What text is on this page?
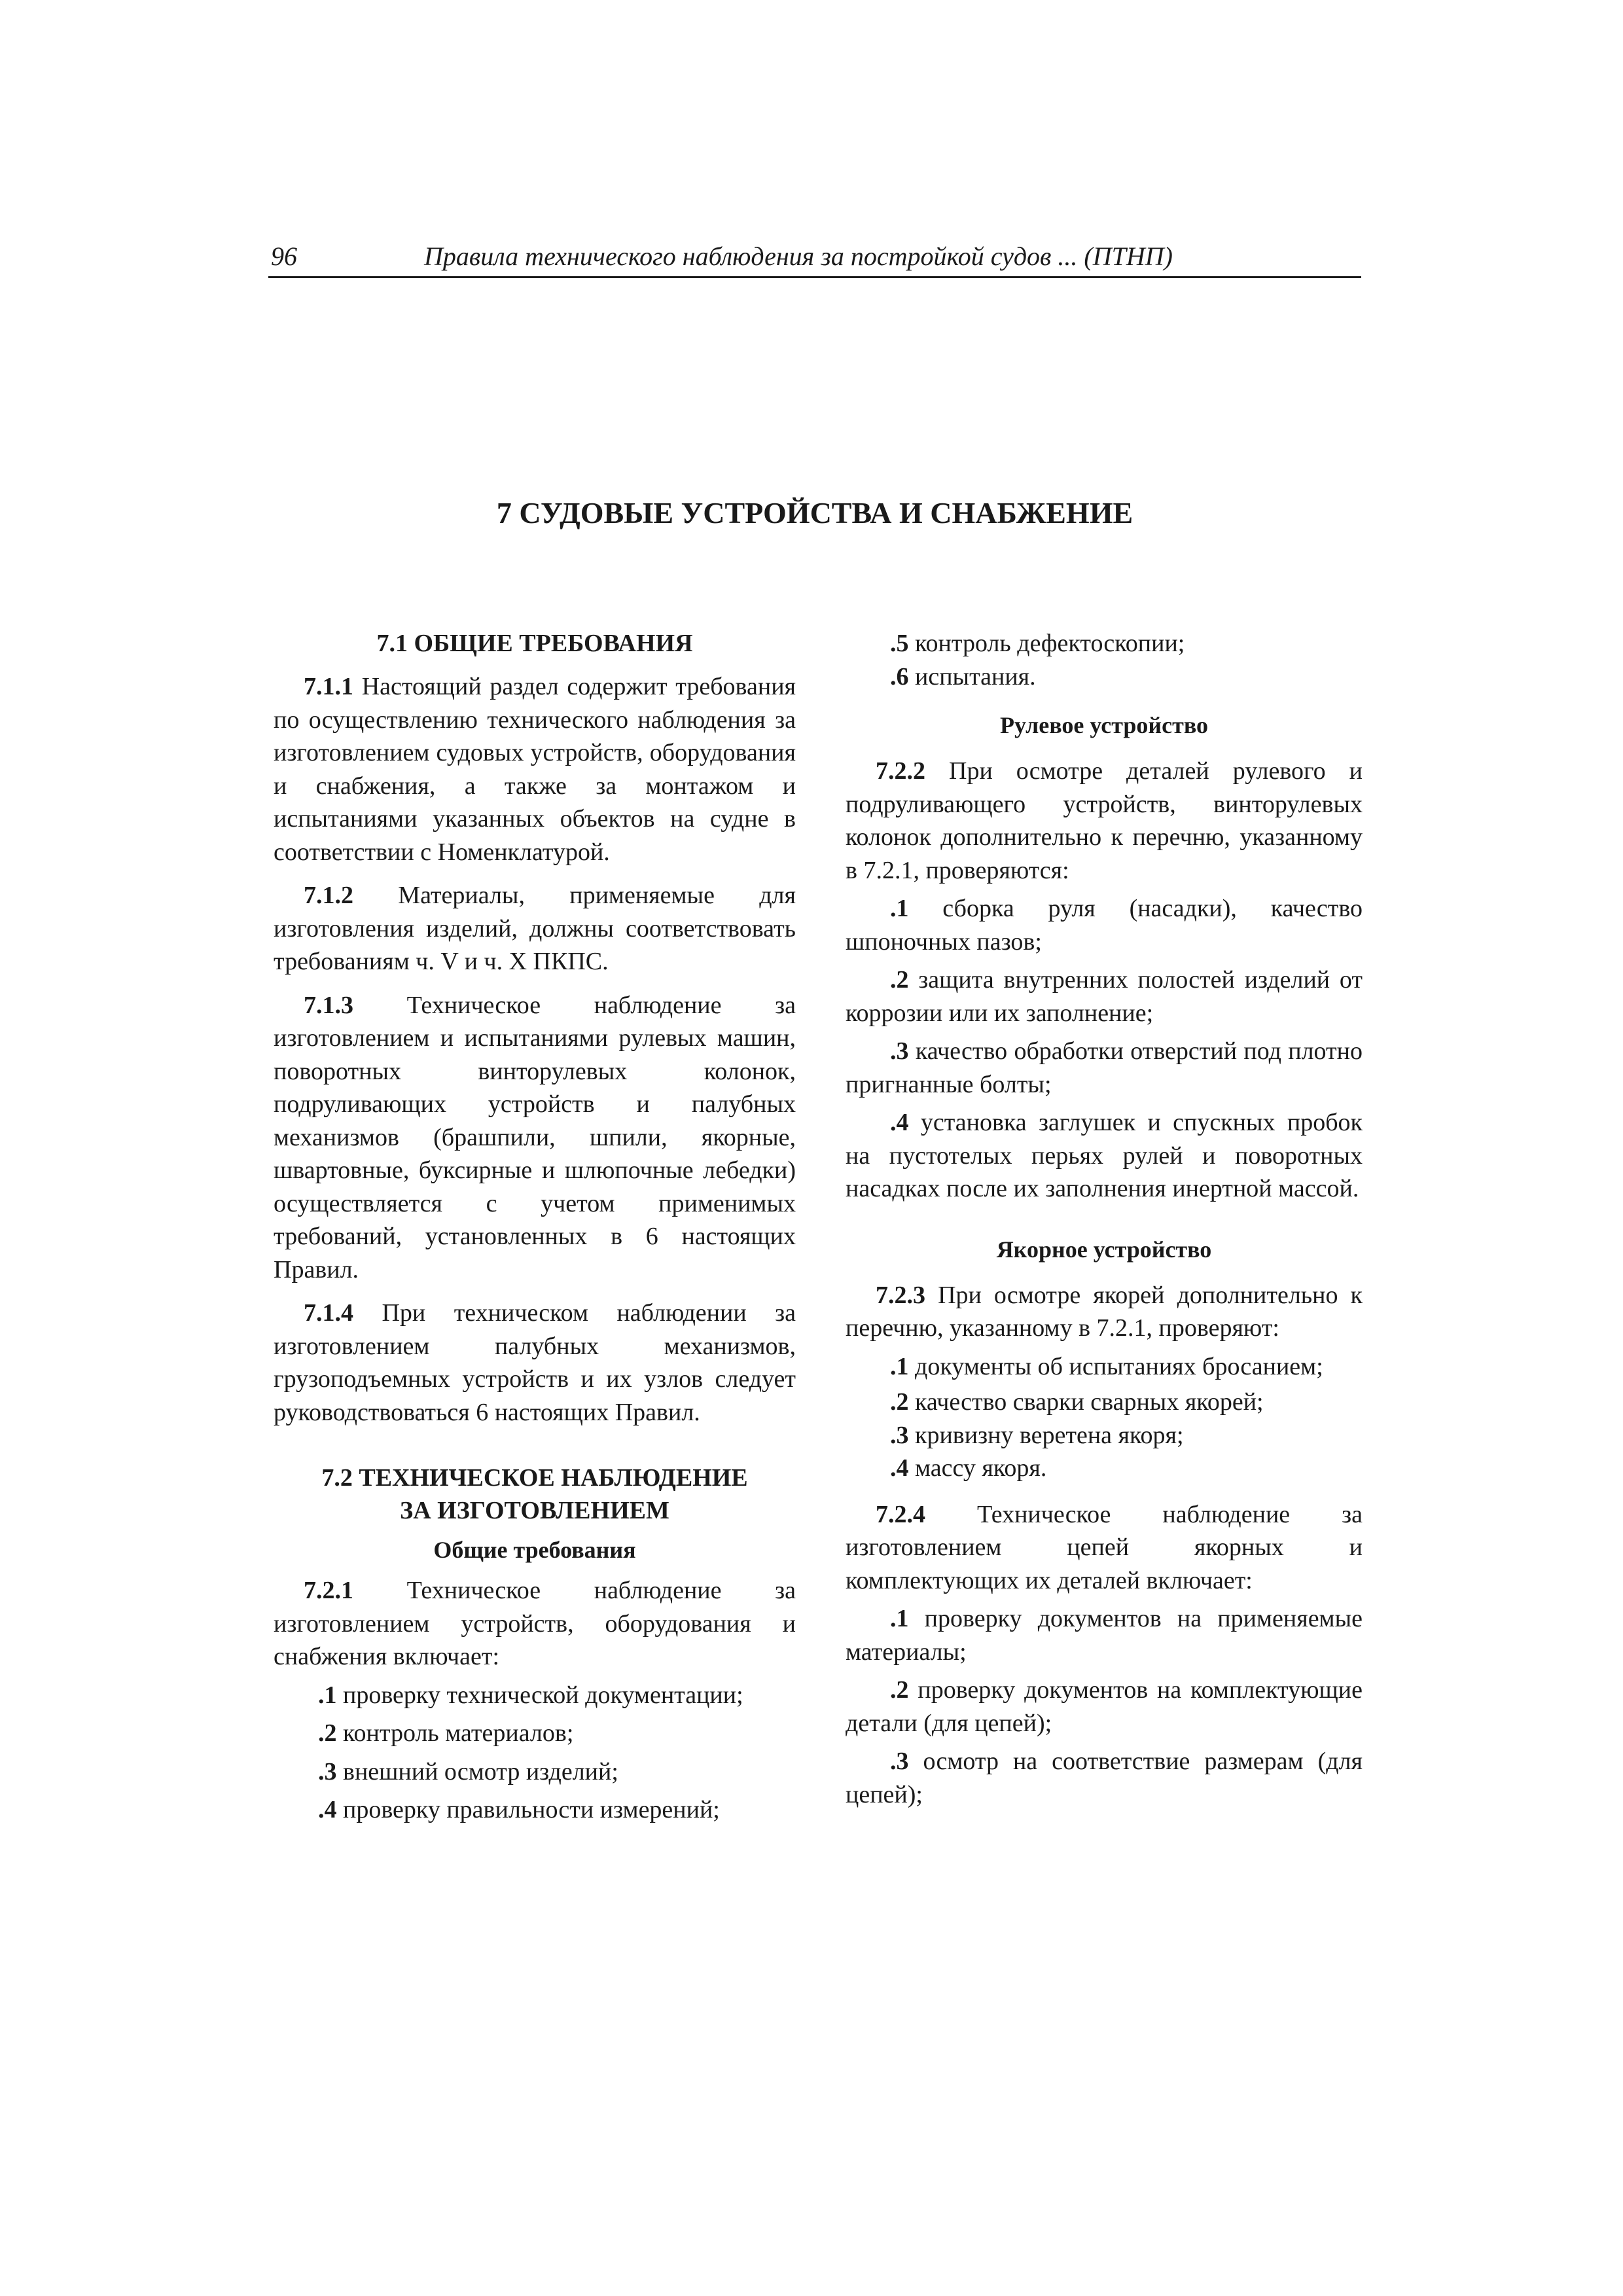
96	Правила технического наблюдения за постройкой судов ... (ПТНП)
7 СУДОВЫЕ УСТРОЙСТВА И СНАБЖЕНИЕ
7.1 ОБЩИЕ ТРЕБОВАНИЯ

7.1.1 Настоящий раздел содержит требования по осуществлению технического наблюдения за изготовлением судовых устройств, оборудования и снабжения, а также за монтажом и испытаниями указанных объектов на судне в соответствии с Номенклатурой.

7.1.2 Материалы, применяемые для изготовления изделий, должны соответствовать требованиям ч. V и ч. X ПКПС.

7.1.3 Техническое наблюдение за изготовлением и испытаниями рулевых машин, поворотных винторулевых колонок, подруливающих устройств и палубных механизмов (брашпили, шпили, якорные, швартовные, буксирные и шлюпочные лебедки) осуществляется с учетом применимых требований, установленных в 6 настоящих Правил.

7.1.4 При техническом наблюдении за изготовлением палубных механизмов, грузоподъемных устройств и их узлов следует руководствоваться 6 настоящих Правил.

7.2 ТЕХНИЧЕСКОЕ НАБЛЮДЕНИЕ
ЗА ИЗГОТОВЛЕНИЕМ
Общие требования

7.2.1 Техническое наблюдение за изготовлением устройств, оборудования и снабжения включает:

.1 проверку технической документации;

.2 контроль материалов;

.3 внешний осмотр изделий;

.4 проверку правильности измерений;

.5 контроль дефектоскопии;

.6 испытания.

Рулевое устройство

7.2.2 При осмотре деталей рулевого и подруливающего устройств, винторулевых колонок дополнительно к перечню, указанному в 7.2.1, проверяются:

.1 сборка руля (насадки), качество шпоночных пазов;

.2 защита внутренних полостей изделий от коррозии или их заполнение;

.3 качество обработки отверстий под плотно пригнанные болты;

.4 установка заглушек и спускных пробок на пустотелых перьях рулей и поворотных насадках после их заполнения инертной массой.

Якорное устройство

7.2.3 При осмотре якорей дополнительно к перечню, указанному в 7.2.1, проверяют:

.1 документы об испытаниях бросанием;

.2 качество сварки сварных якорей;

.3 кривизну веретена якоря;

.4 массу якоря.

7.2.4 Техническое наблюдение за изготовлением цепей якорных и комплектующих их деталей включает:

.1 проверку документов на применяемые материалы;

.2 проверку документов на комплектующие детали (для цепей);

.3 осмотр на соответствие размерам (для цепей);
